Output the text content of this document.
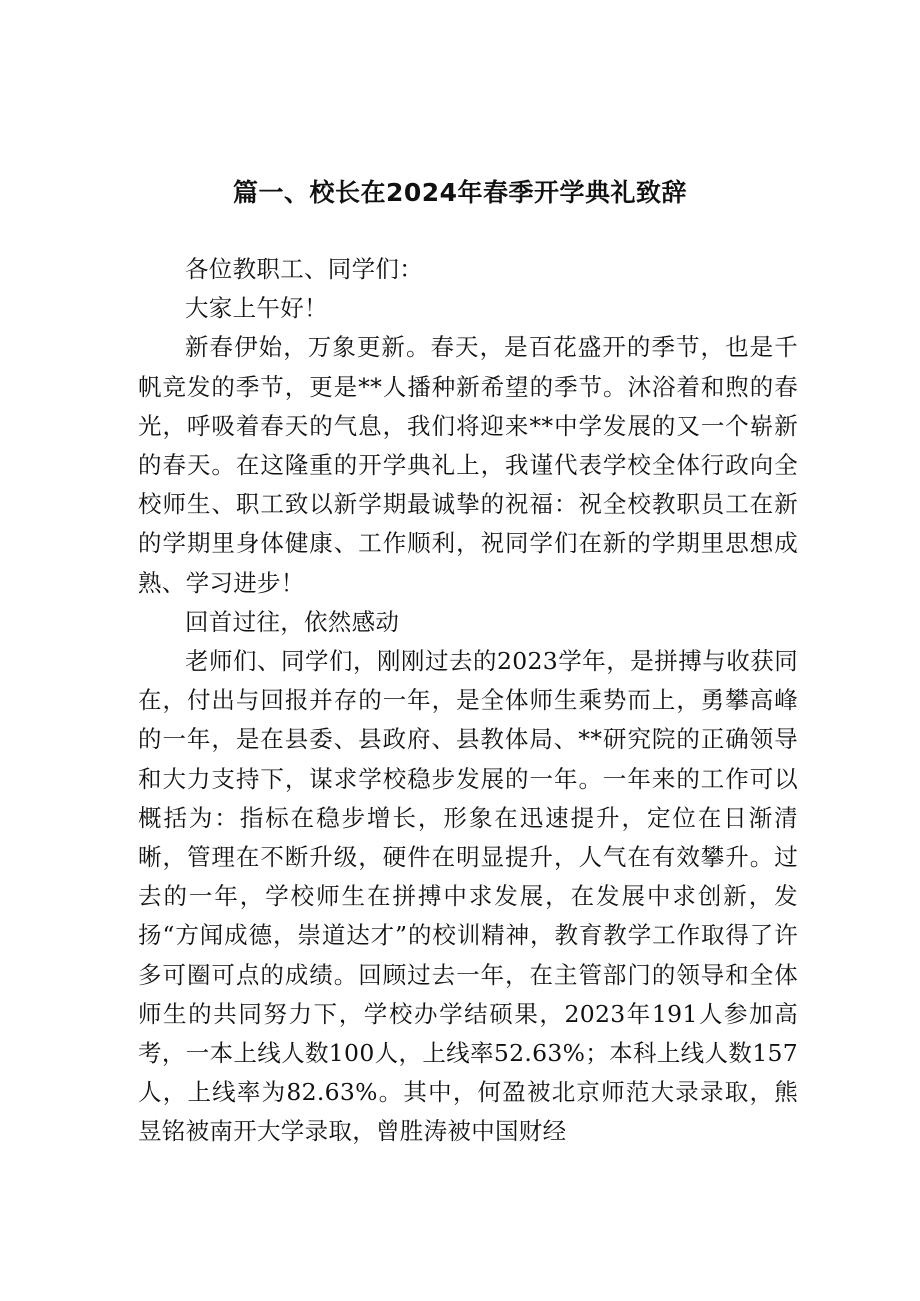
篇一、校长在2024年春季开学典礼致辞

各位教职工、同学们：

大家上午好！

新春伊始，万象更新。春天，是百花盛开的季节，也是千帆竞发的季节，更是**人播种新希望的季节。沐浴着和煦的春光，呼吸着春天的气息，我们将迎来**中学发展的又一个崭新的春天。在这隆重的开学典礼上，我谨代表学校全体行政向全校师生、职工致以新学期最诚挚的祝福：祝全校教职员工在新的学期里身体健康、工作顺利，祝同学们在新的学期里思想成熟、学习进步！

回首过往，依然感动

老师们、同学们，刚刚过去的2023学年，是拼搏与收获同在，付出与回报并存的一年，是全体师生乘势而上，勇攀高峰的一年，是在县委、县政府、县教体局、**研究院的正确领导和大力支持下，谋求学校稳步发展的一年。一年来的工作可以概括为：指标在稳步增长，形象在迅速提升，定位在日渐清晰，管理在不断升级，硬件在明显提升，人气在有效攀升。过去的一年，学校师生在拼搏中求发展，在发展中求创新，发扬“方闻成德，崇道达才”的校训精神，教育教学工作取得了许多可圈可点的成绩。回顾过去一年，在主管部门的领导和全体师生的共同努力下，学校办学结硕果，2023年191人参加高考，一本上线人数100人，上线率52.63%；本科上线人数157人，上线率为82.63%。其中，何盈被北京师范大录录取，熊昱铭被南开大学录取，曾胜涛被中国财经
